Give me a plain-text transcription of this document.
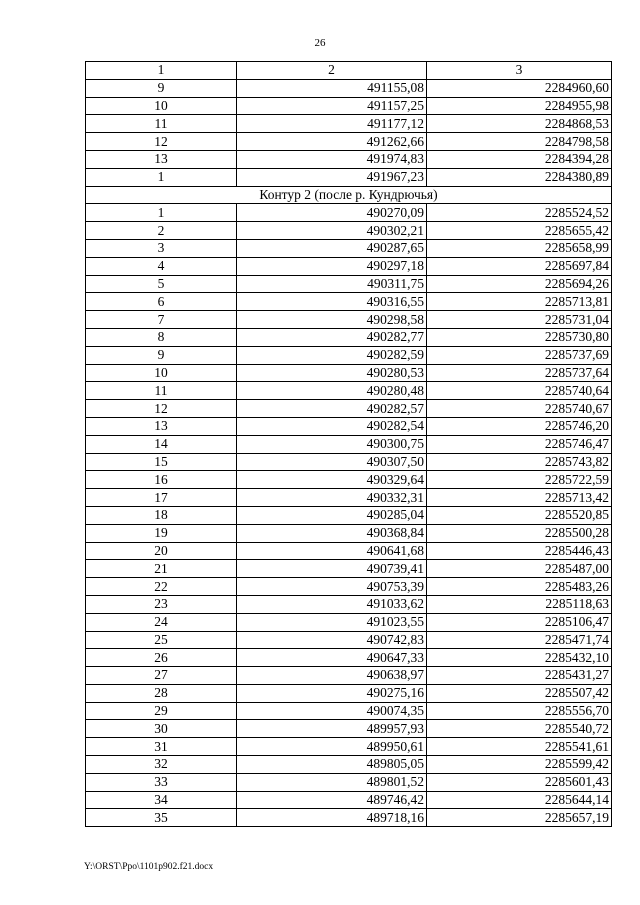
26
1	2	3
9	491155,08	2284960,60
10	491157,25	2284955,98
11	491177,12	2284868,53
12	491262,66	2284798,58
13	491974,83	2284394,28
1	491967,23	2284380,89
Контур 2 (после р. Кундрючья)		
1	490270,09	2285524,52
2	490302,21	2285655,42
3	490287,65	2285658,99
4	490297,18	2285697,84
5	490311,75	2285694,26
6	490316,55	2285713,81
7	490298,58	2285731,04
8	490282,77	2285730,80
9	490282,59	2285737,69
10	490280,53	2285737,64
11	490280,48	2285740,64
12	490282,57	2285740,67
13	490282,54	2285746,20
14	490300,75	2285746,47
15	490307,50	2285743,82
16	490329,64	2285722,59
17	490332,31	2285713,42
18	490285,04	2285520,85
19	490368,84	2285500,28
20	490641,68	2285446,43
21	490739,41	2285487,00
22	490753,39	2285483,26
23	491033,62	2285118,63
24	491023,55	2285106,47
25	490742,83	2285471,74
26	490647,33	2285432,10
27	490638,97	2285431,27
28	490275,16	2285507,42
29	490074,35	2285556,70
30	489957,93	2285540,72
31	489950,61	2285541,61
32	489805,05	2285599,42
33	489801,52	2285601,43
34	489746,42	2285644,14
35	489718,16	2285657,19
Y:\ORST\Ppo\1101p902.f21.docx
